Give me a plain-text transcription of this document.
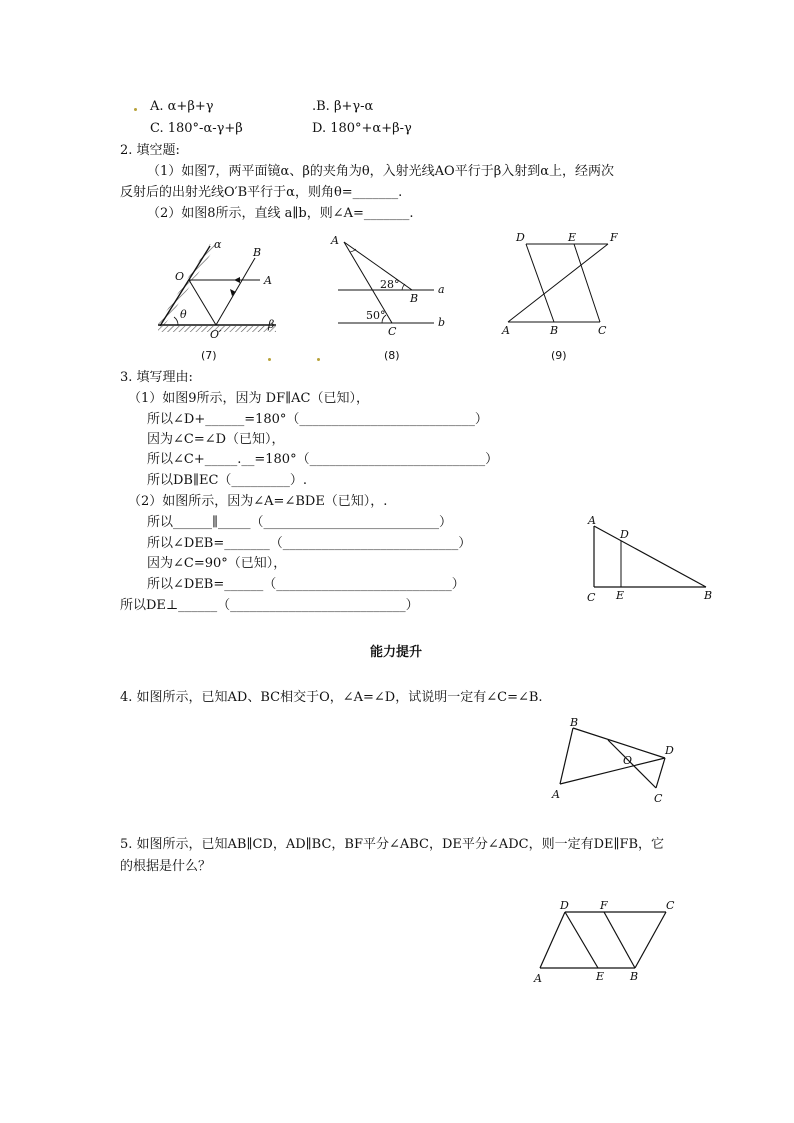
A. α+β+γ	.B. β+γ-α
C. 180°-α-γ+β	D. 180°+α+β-γ
2. 填空题:
（1）如图7，两平面镜α、β的夹角为θ，入射光线AO平行于β入射到α上，经两次
反射后的出射光线O′B平行于α，则角θ=_______.
（2）如图8所示，直线 a∥b，则∠A=_______.
α
B
O	A
θ
O′
β
(7)
A
28°
B
a
50°
C
b
(8)
D	E	F
A	B	C
(9)
3. 填写理由:
（1）如图9所示，因为 DF∥AC（已知），
所以∠D+______=180°（___________________________）
因为∠C=∠D（已知），
所以∠C+_____.__=180°（___________________________）
所以DB∥EC（_________）.
（2）如图所示，因为∠A=∠BDE（已知），.
所以______∥_____（___________________________）
所以∠DEB=_______（___________________________）
因为∠C=90°（已知），
所以∠DEB=______（___________________________）
所以DE⊥______（___________________________）
A
D
C E	B
能力提升
4. 如图所示，已知AD、BC相交于O，∠A=∠D，试说明一定有∠C=∠B.
B
D
O
A	C
5. 如图所示，已知AB∥CD，AD∥BC，BF平分∠ABC，DE平分∠ADC，则一定有DE∥FB，它
的根据是什么？
D	F	C
A	E B
